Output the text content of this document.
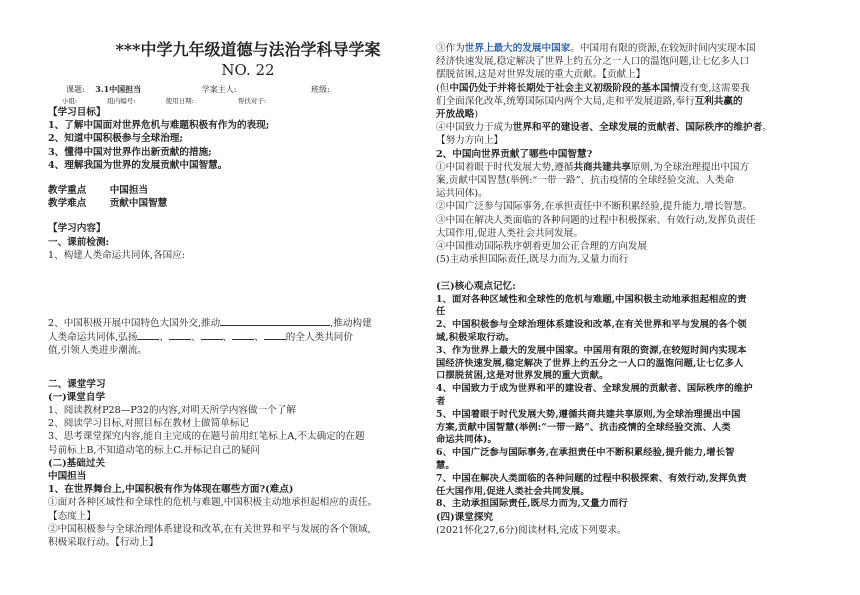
***中学九年级道德与法治学科导学案
NO. 22
课题: 3.1中国担当	学案主人:	班级:
小组:	组内编号:	使用日期:	帮扶对子:

【学习目标】

1、了解中国面对世界危机与难题积极有作为的表现;

2、知道中国积极参与全球治理;

3、懂得中国对世界作出新贡献的措施;

4、理解我国为世界的发展贡献中国智慧。

教学重点 中国担当

教学难点 贡献中国智慧

【学习内容】

一、课前检测:

1、构建人类命运共同体,各国应:

2、中国积极开展中国特色大国外交,推动	,推动构建

人类命运共同体,弘扬 、 、 、 、 的全人类共同价

值,引领人类进步潮流。

二、课堂学习

(一)课堂自学

1、阅读教材P28—P32的内容,对明天所学内容做一个了解

2、阅读学习目标,对照目标在教材上做简单标记

3、思考课堂探究内容,能自主完成的在题号前用红笔标上A,不太确定的在题

号前标上B,不知道动笔的标上C.并标记自己的疑问

(二)基础过关

中国担当

1、在世界舞台上,中国积极有作为体现在哪些方面?(难点)

①面对各种区域性和全球性的危机与难题,中国积极主动地承担起相应的责任。

【态度上】

②中国积极参与全球治理体系建设和改革,在有关世界和平与发展的各个领域,

积极采取行动。【行动上】

③作为世界上最大的发展中国家。中国用有限的资源,在较短时间内实现本国

经济快速发展,稳定解决了世界上约五分之一人口的温饱问题,让七亿多人口

摆脱贫困,这是对世界发展的重大贡献。【贡献上】

(但中国仍处于并将长期处于社会主义初级阶段的基本国情没有变,这需要我

们全面深化改革,统筹国际国内两个大局,走和平发展道路,奉行互利共赢的

开放战略)

④中国致力于成为世界和平的建设者、全球发展的贡献者、国际秩序的维护者。

【努力方向上】

2、中国向世界贡献了哪些中国智慧?

①中国着眼于时代发展大势,遵循共商共建共享原则,为全球治理提出中国方

案,贡献中国智慧(举例:“一带一路”、抗击疫情的全球经验交流、人类命

运共同体)。

②中国广泛参与国际事务,在承担责任中不断积累经验,提升能力,增长智慧。

③中国在解决人类面临的各种问题的过程中积极探索、有效行动,发挥负责任

大国作用,促进人类社会共同发展。

④中国推动国际秩序朝着更加公正合理的方向发展

(5)主动承担国际责任,既尽力而为,又量力而行

(三)核心观点记忆:

1、面对各种区域性和全球性的危机与难题,中国积极主动地承担起相应的责

任

2、中国积极参与全球治理体系建设和改革,在有关世界和平与发展的各个领

域,积极采取行动。

3、作为世界上最大的发展中国家。中国用有限的资源,在较短时间内实现本

国经济快速发展,稳定解决了世界上约五分之一人口的温饱问题,让七亿多人

口摆脱贫困,这是对世界发展的重大贡献。

4、中国致力于成为世界和平的建设者、全球发展的贡献者、国际秩序的维护

者

5、中国着眼于时代发展大势,遵循共商共建共享原则,为全球治理提出中国

方案,贡献中国智慧(举例:“一带一路”、抗击疫情的全球经验交流、人类

命运共同体)。

6、中国广泛参与国际事务,在承担责任中不断积累经验,提升能力,增长智

慧。

7、中国在解决人类面临的各种问题的过程中积极探索、有效行动,发挥负责

任大国作用,促进人类社会共同发展。

8、主动承担国际责任,既尽力而为,又量力而行

(四)课堂探究

(2021怀化27,6分)阅读材料,完成下列要求。
